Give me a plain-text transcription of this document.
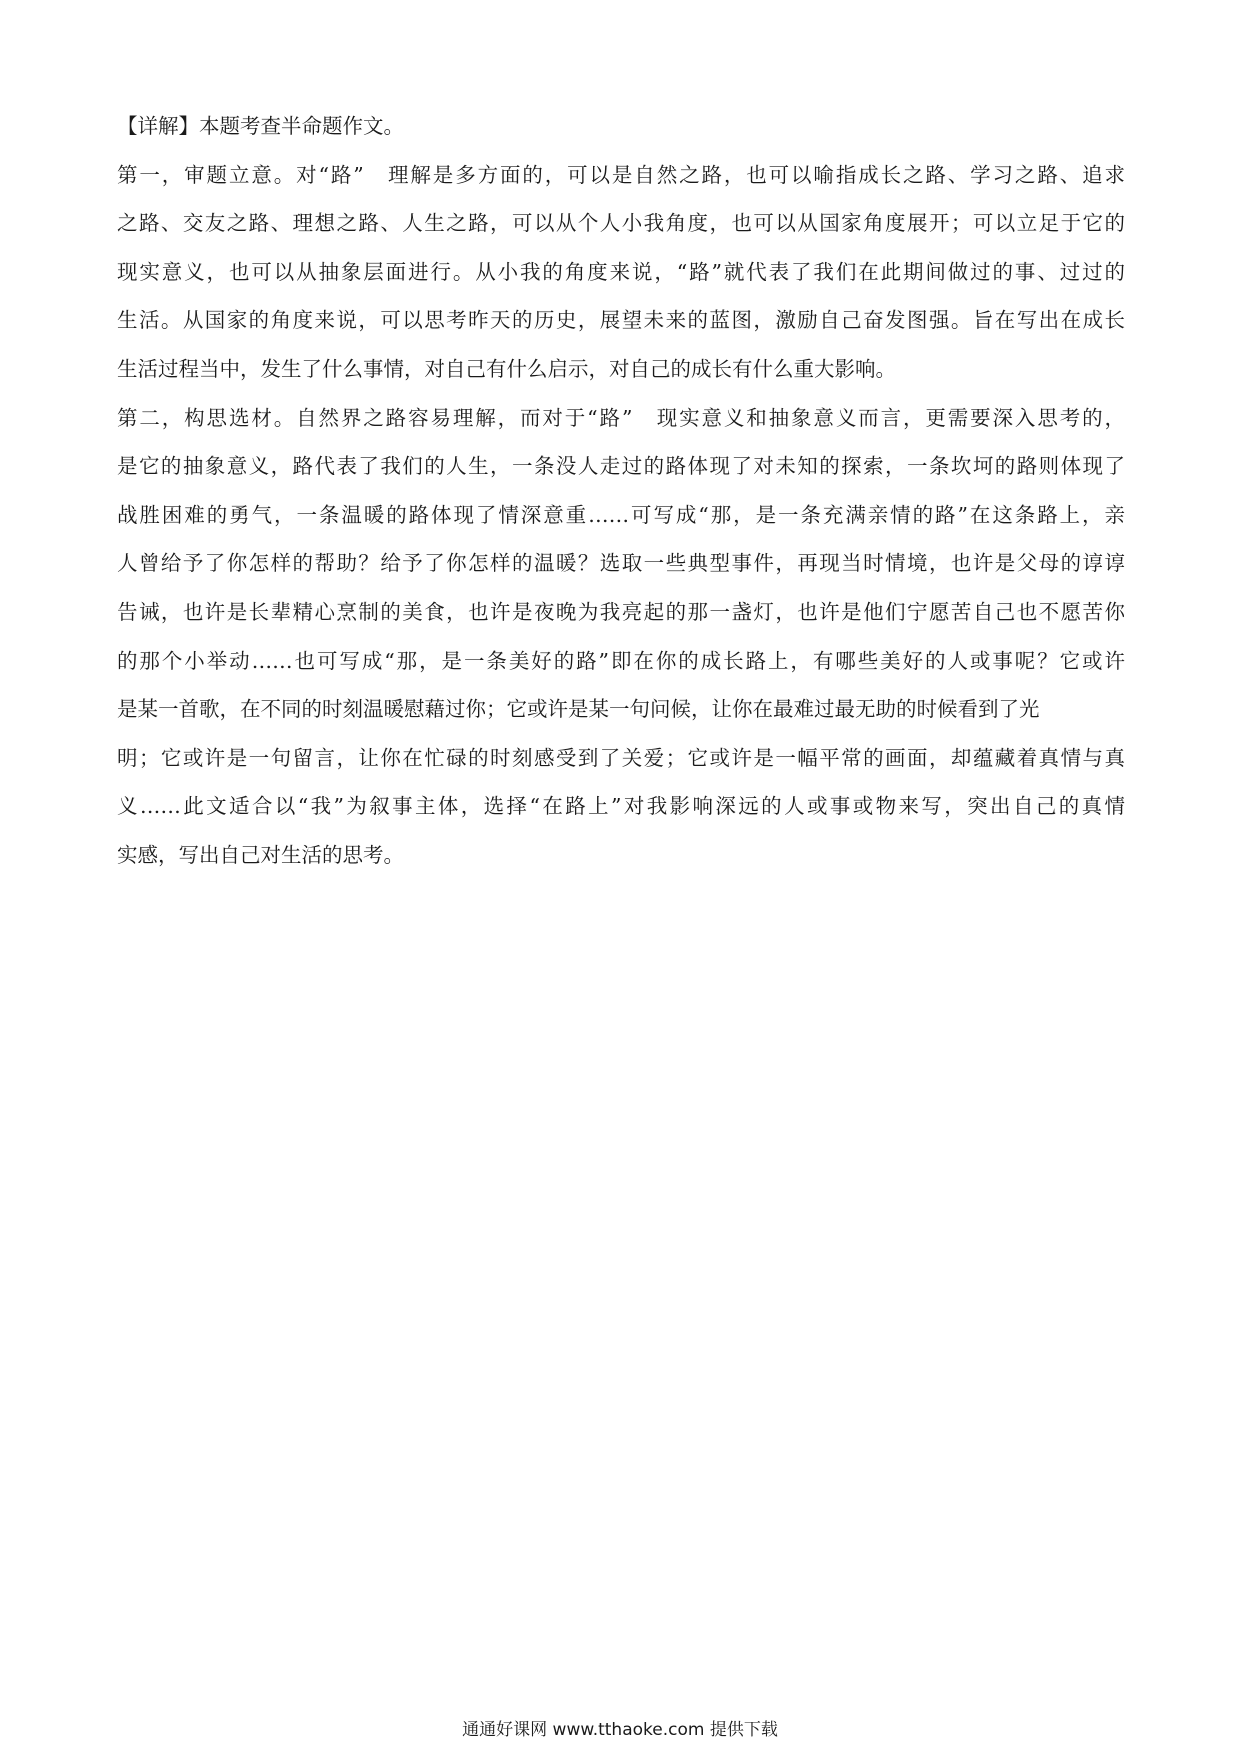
【详解】本题考查半命题作文。
第一，审题立意。对“路”　理解是多方面的，可以是自然之路，也可以喻指成长之路、学习之路、追求
之路、交友之路、理想之路、人生之路，可以从个人小我角度，也可以从国家角度展开；可以立足于它的
现实意义，也可以从抽象层面进行。从小我的角度来说，“路”就代表了我们在此期间做过的事、过过的
生活。从国家的角度来说，可以思考昨天的历史，展望未来的蓝图，激励自己奋发图强。旨在写出在成长
生活过程当中，发生了什么事情，对自己有什么启示，对自己的成长有什么重大影响。
第二，构思选材。自然界之路容易理解，而对于“路”　现实意义和抽象意义而言，更需要深入思考的，
是它的抽象意义，路代表了我们的人生，一条没人走过的路体现了对未知的探索，一条坎坷的路则体现了
战胜困难的勇气，一条温暖的路体现了情深意重……可写成“那，是一条充满亲情的路”在这条路上，亲
人曾给予了你怎样的帮助？给予了你怎样的温暖？选取一些典型事件，再现当时情境，也许是父母的谆谆
告诫，也许是长辈精心烹制的美食，也许是夜晚为我亮起的那一盏灯，也许是他们宁愿苦自己也不愿苦你
的那个小举动……也可写成“那，是一条美好的路”即在你的成长路上，有哪些美好的人或事呢？它或许
是某一首歌，在不同的时刻温暖慰藉过你；它或许是某一句问候，让你在最难过最无助的时候看到了光
明；它或许是一句留言，让你在忙碌的时刻感受到了关爱；它或许是一幅平常的画面，却蕴藏着真情与真
义……此文适合以“我”为叙事主体，选择“在路上”对我影响深远的人或事或物来写，突出自己的真情
实感，写出自己对生活的思考。
通通好课网 www.tthaoke.com 提供下载
